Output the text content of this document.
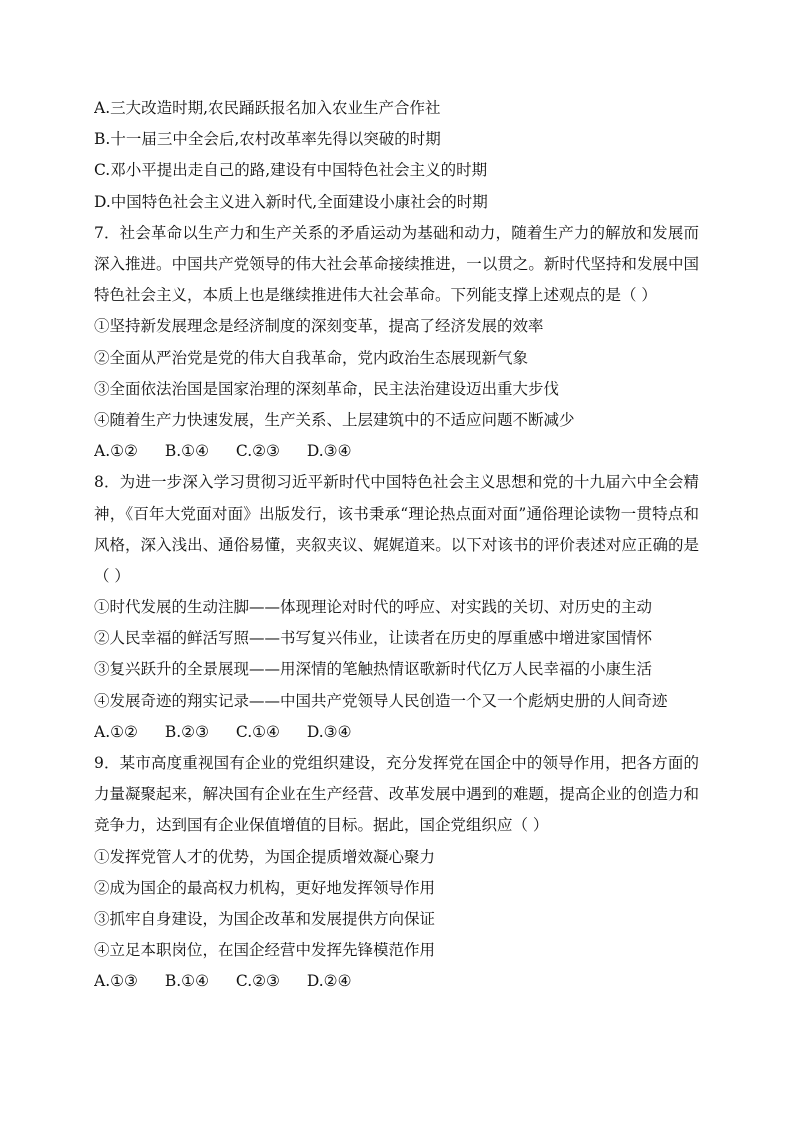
A.三大改造时期,农民踊跃报名加入农业生产合作社
B.十一届三中全会后,农村改革率先得以突破的时期
C.邓小平提出走自己的路,建设有中国特色社会主义的时期
D.中国特色社会主义进入新时代,全面建设小康社会的时期
7．社会革命以生产力和生产关系的矛盾运动为基础和动力，随着生产力的解放和发展而深入推进。中国共产党领导的伟大社会革命接续推进，一以贯之。新时代坚持和发展中国特色社会主义，本质上也是继续推进伟大社会革命。下列能支撑上述观点的是（ ）
①坚持新发展理念是经济制度的深刻变革，提高了经济发展的效率
②全面从严治党是党的伟大自我革命，党内政治生态展现新气象
③全面依法治国是国家治理的深刻革命，民主法治建设迈出重大步伐
④随着生产力快速发展，生产关系、上层建筑中的不适应问题不断减少
A.①② B.①④ C.②③ D.③④
8．为进一步深入学习贯彻习近平新时代中国特色社会主义思想和党的十九届六中全会精神，《百年大党面对面》出版发行，该书秉承“理论热点面对面”通俗理论读物一贯特点和风格，深入浅出、通俗易懂，夹叙夹议、娓娓道来。以下对该书的评价表述对应正确的是（ ）
①时代发展的生动注脚——体现理论对时代的呼应、对实践的关切、对历史的主动
②人民幸福的鲜活写照——书写复兴伟业，让读者在历史的厚重感中增进家国情怀
③复兴跃升的全景展现——用深情的笔触热情讴歌新时代亿万人民幸福的小康生活
④发展奇迹的翔实记录——中国共产党领导人民创造一个又一个彪炳史册的人间奇迹
A.①② B.②③ C.①④ D.③④
9．某市高度重视国有企业的党组织建设，充分发挥党在国企中的领导作用，把各方面的力量凝聚起来，解决国有企业在生产经营、改革发展中遇到的难题，提高企业的创造力和竞争力，达到国有企业保值增值的目标。据此，国企党组织应（ ）
①发挥党管人才的优势，为国企提质增效凝心聚力
②成为国企的最高权力机构，更好地发挥领导作用
③抓牢自身建设，为国企改革和发展提供方向保证
④立足本职岗位，在国企经营中发挥先锋模范作用
A.①③ B.①④ C.②③ D.②④
